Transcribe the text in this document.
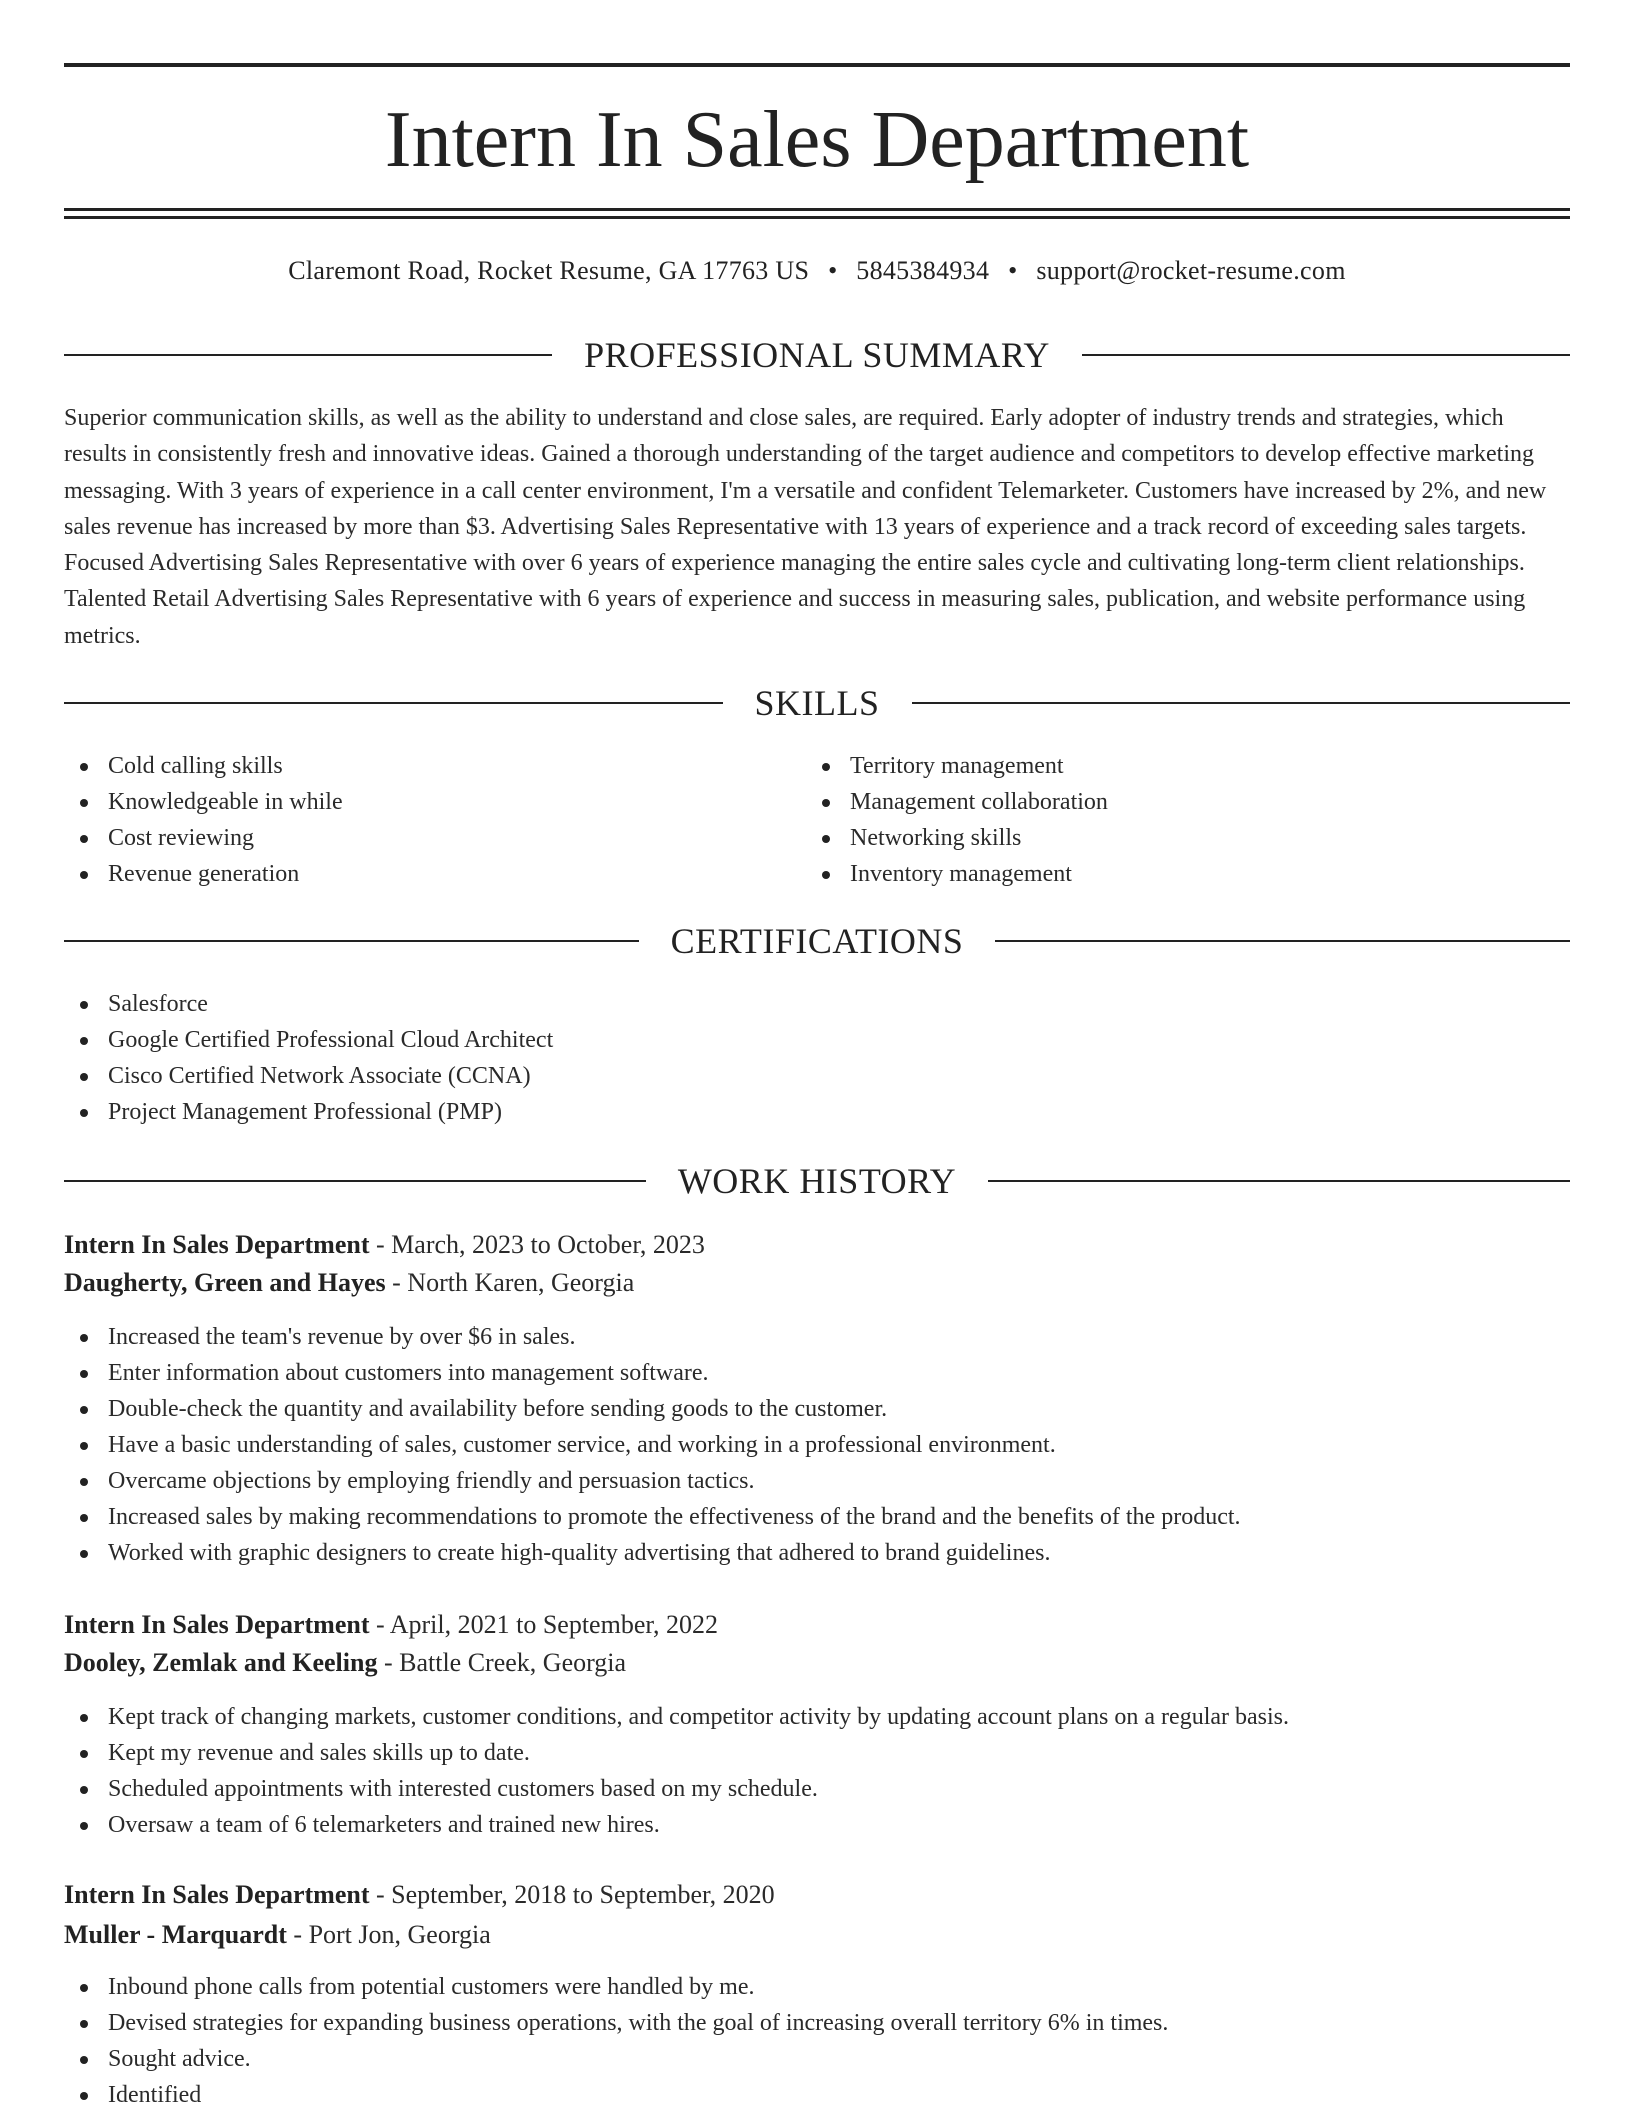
Intern In Sales Department
Claremont Road, Rocket Resume, GA 17763 US • 5845384934 • support@rocket-resume.com
PROFESSIONAL SUMMARY

Superior communication skills, as well as the ability to understand and close sales, are required. Early adopter of industry trends and strategies, which results in consistently fresh and innovative ideas. Gained a thorough understanding of the target audience and competitors to develop effective marketing messaging. With 3 years of experience in a call center environment, I'm a versatile and confident Telemarketer. Customers have increased by 2%, and new sales revenue has increased by more than $3. Advertising Sales Representative with 13 years of experience and a track record of exceeding sales targets. Focused Advertising Sales Representative with over 6 years of experience managing the entire sales cycle and cultivating long-term client relationships. Talented Retail Advertising Sales Representative with 6 years of experience and success in measuring sales, publication, and website performance using metrics.

SKILLS
Cold calling skills
Knowledgeable in while
Cost reviewing
Revenue generation
Territory management
Management collaboration
Networking skills
Inventory management
CERTIFICATIONS
Salesforce
Google Certified Professional Cloud Architect
Cisco Certified Network Associate (CCNA)
Project Management Professional (PMP)
WORK HISTORY
Intern In Sales Department - March, 2023 to October, 2023
Daugherty, Green and Hayes - North Karen, Georgia
Increased the team's revenue by over $6 in sales.
Enter information about customers into management software.
Double-check the quantity and availability before sending goods to the customer.
Have a basic understanding of sales, customer service, and working in a professional environment.
Overcame objections by employing friendly and persuasion tactics.
Increased sales by making recommendations to promote the effectiveness of the brand and the benefits of the product.
Worked with graphic designers to create high-quality advertising that adhered to brand guidelines.
Intern In Sales Department - April, 2021 to September, 2022
Dooley, Zemlak and Keeling - Battle Creek, Georgia
Kept track of changing markets, customer conditions, and competitor activity by updating account plans on a regular basis.
Kept my revenue and sales skills up to date.
Scheduled appointments with interested customers based on my schedule.
Oversaw a team of 6 telemarketers and trained new hires.
Intern In Sales Department - September, 2018 to September, 2020
Muller - Marquardt - Port Jon, Georgia
Inbound phone calls from potential customers were handled by me.
Devised strategies for expanding business operations, with the goal of increasing overall territory 6% in times.
Sought advice.
Identified
